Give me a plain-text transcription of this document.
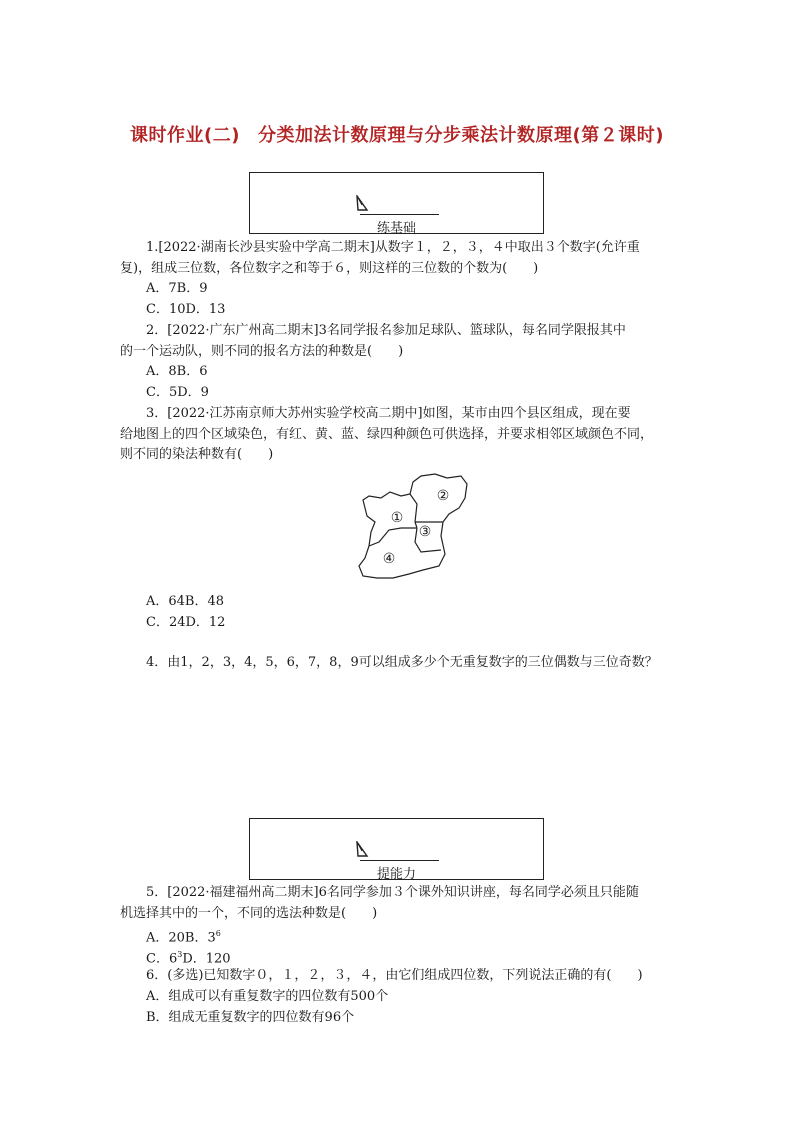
课时作业(二) 分类加法计数原理与分步乘法计数原理(第２课时)
练基础
1.[2022·湖南长沙县实验中学高二期末]从数字１，２，３，４中取出３个数字(允许重
复)，组成三位数，各位数字之和等于６，则这样的三位数的个数为(　　)
A．7B．9
C．10D．13
2．[2022·广东广州高二期末]3名同学报名参加足球队、篮球队，每名同学限报其中
的一个运动队，则不同的报名方法的种数是(　　)
A．8B．6
C．5D．9
3．[2022·江苏南京师大苏州实验学校高二期中]如图，某市由四个县区组成，现在要
给地图上的四个区域染色，有红、黄、蓝、绿四种颜色可供选择，并要求相邻区域颜色不同，
则不同的染法种数有(　　)
①
②
③
④
A．64B．48
C．24D．12
4．由1，2，3，4，5，6，7，8，9可以组成多少个无重复数字的三位偶数与三位奇数？
提能力
5．[2022·福建福州高二期末]6名同学参加３个课外知识讲座，每名同学必须且只能随
机选择其中的一个，不同的选法种数是(　　)
A．20B．$3^6$
C．$6^3D$．120
6．(多选)已知数字０，１，２，３，４，由它们组成四位数，下列说法正确的有(　　)
A．组成可以有重复数字的四位数有500个
B．组成无重复数字的四位数有96个
